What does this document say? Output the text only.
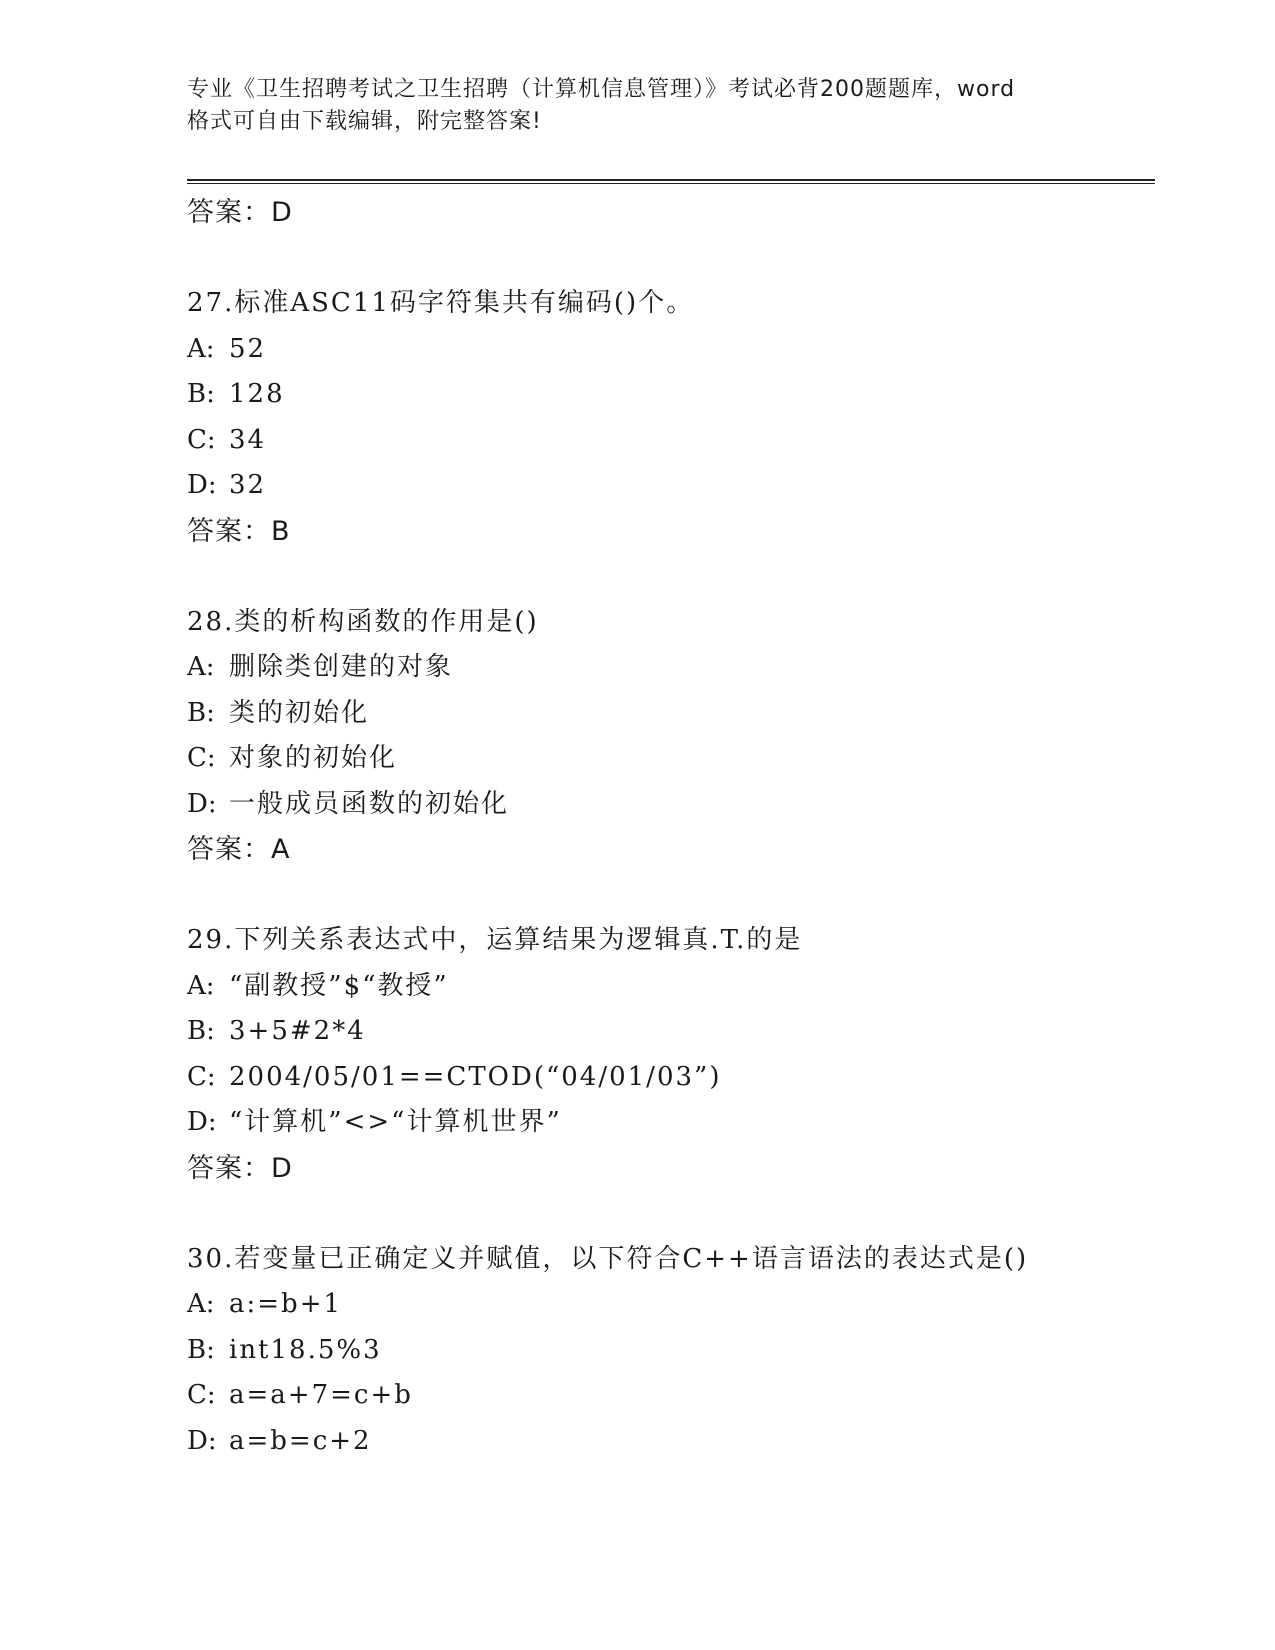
专业《卫生招聘考试之卫生招聘（计算机信息管理）》考试必背200题题库，word
格式可自由下载编辑，附完整答案!
答案：D
27.标准ASC11码字符集共有编码()个。
A: 52
B: 128
C: 34
D: 32
答案：B
28.类的析构函数的作用是()
A: 删除类创建的对象
B: 类的初始化
C: 对象的初始化
D: 一般成员函数的初始化
答案：A
29.下列关系表达式中，运算结果为逻辑真.T.的是
A: “副教授”$“教授”
B: 3+5#2*4
C: 2004/05/01==CTOD(“04/01/03”)
D: “计算机”<>“计算机世界”
答案：D
30.若变量已正确定义并赋值，以下符合C++语言语法的表达式是()
A: a:=b+1
B: int18.5%3
C: a=a+7=c+b
D: a=b=c+2
